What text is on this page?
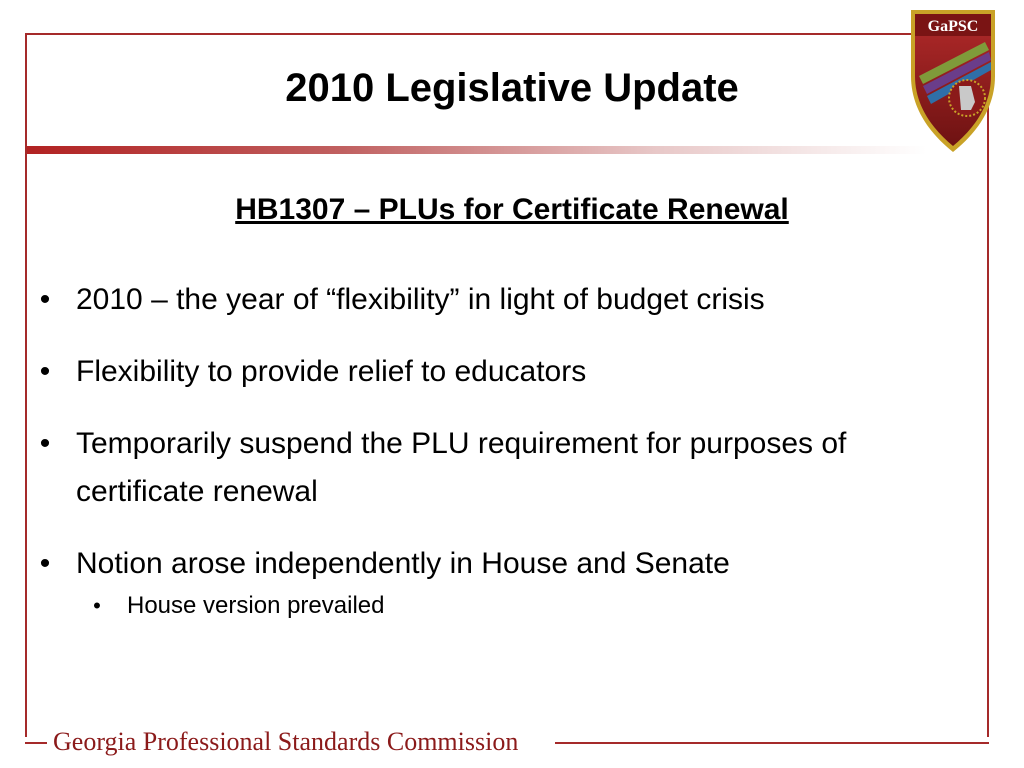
GaPSC
2010 Legislative Update
HB1307 – PLUs for Certificate Renewal
• 2010 – the year of “flexibility” in light of budget crisis
• Flexibility to provide relief to educators
• Temporarily suspend the PLU requirement for purposes of certificate renewal
• Notion arose independently in House and Senate
•	House version prevailed
Georgia Professional Standards Commission
